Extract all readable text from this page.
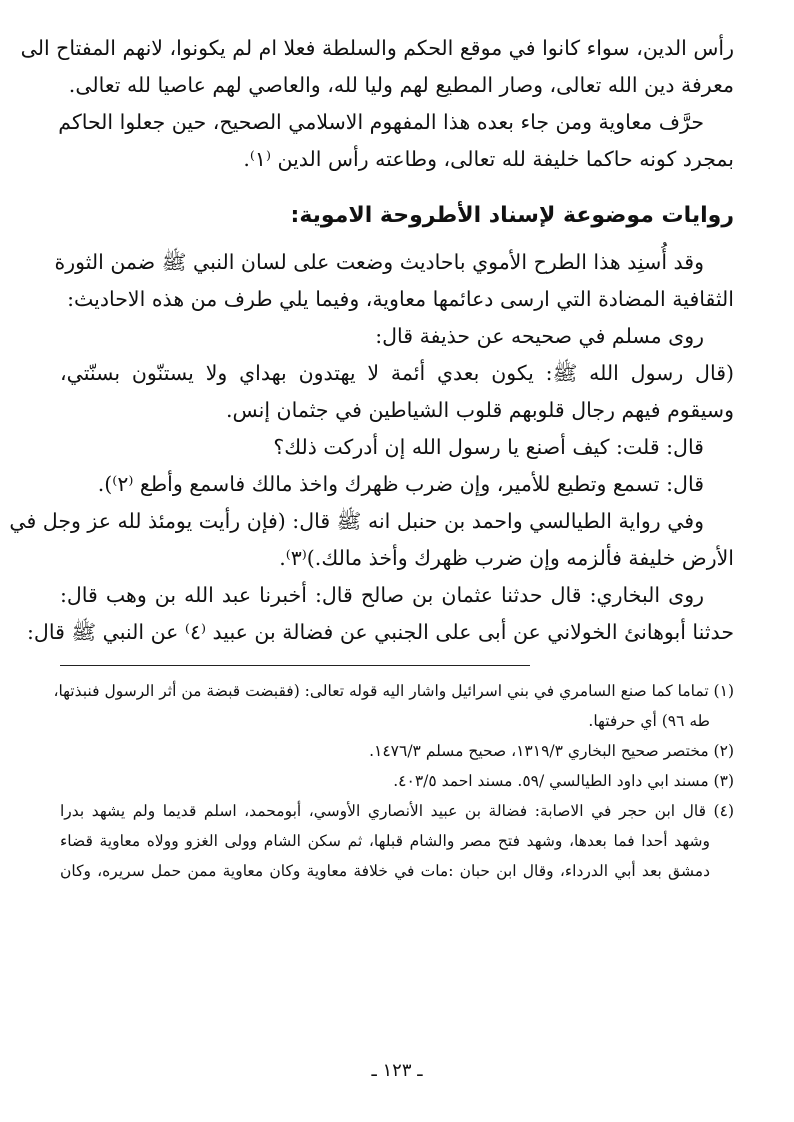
رأس الدين، سواء كانوا في موقع الحكم والسلطة فعلا ام لم يكونوا، لانهم المفتاح الى
معرفة دين الله تعالى، وصار المطيع لهم وليا لله، والعاصي لهم عاصيا لله تعالى.
حرَّف معاوية ومن جاء بعده هذا المفهوم الاسلامي الصحيح، حين جعلوا الحاكم
بمجرد كونه حاكما خليفة لله تعالى، وطاعته رأس الدين ⁽١⁾.
روايات موضوعة لإسناد الأطروحة الاموية:
وقد أُسنِد هذا الطرح الأموي باحاديث وضعت على لسان النبي ﷺ ضمن الثورة
الثقافية المضادة التي ارسى دعائمها معاوية، وفيما يلي طرف من هذه الاحاديث:
روى مسلم في صحيحه عن حذيفة قال:
(قال رسول الله ﷺ: يكون بعدي أئمة لا يهتدون بهداي ولا يستنّون بسنّتي،
وسيقوم فيهم رجال قلوبهم قلوب الشياطين في جثمان إنس.
قال: قلت: كيف أصنع يا رسول الله إن أدركت ذلك؟
قال: تسمع وتطيع للأمير، وإن ضرب ظهرك واخذ مالك فاسمع وأطع ⁽٢⁾).
وفي رواية الطيالسي واحمد بن حنبل انه ﷺ قال: (فإن رأيت يومئذ لله عز وجل في
الأرض خليفة فألزمه وإن ضرب ظهرك وأخذ مالك.)⁽٣⁾.
روى البخاري: قال حدثنا عثمان بن صالح قال: أخبرنا عبد الله بن وهب قال:
حدثنا أبوهانئ الخولاني عن أبى على الجنبي عن فضالة بن عبيد ⁽٤⁾ عن النبي ﷺ قال:
(١) تماما كما صنع السامري في بني اسرائيل واشار اليه قوله تعالى: (فقبضت قبضة من أثر الرسول فنبذتها،
طه ٩٦) أي حرفتها.
(٢) مختصر صحيح البخاري ١٣١٩/٣، صحيح مسلم ١٤٧٦/٣.
(٣) مسند ابي داود الطيالسي /٥٩. مسند احمد ٤٠٣/٥.
(٤) قال ابن حجر في الاصابة: فضالة بن عبيد الأنصاري الأوسي، أبومحمد، اسلم قديما ولم يشهد بدرا
وشهد أحدا فما بعدها، وشهد فتح مصر والشام قبلها، ثم سكن الشام وولى الغزو وولاه معاوية قضاء
دمشق بعد أبي الدرداء، وقال ابن حبان :مات في خلافة معاوية وكان معاوية ممن حمل سريره، وكان
ـ ١٢٣ ـ
